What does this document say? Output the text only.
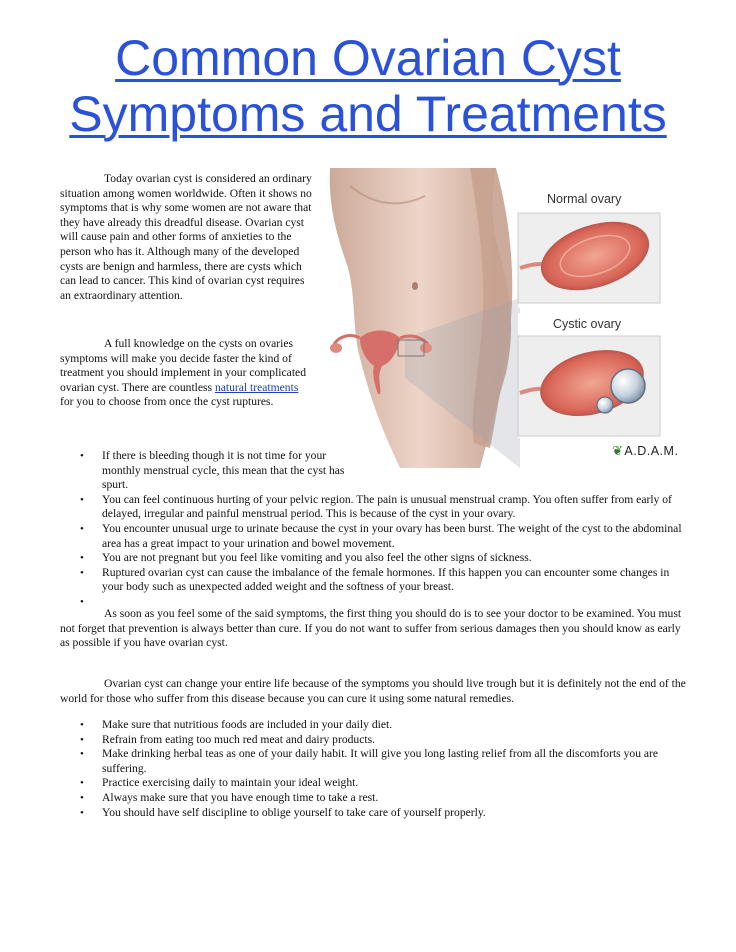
Common Ovarian Cyst Symptoms and Treatments

Today ovarian cyst is considered an ordinary situation among women worldwide. Often it shows no symptoms that is why some women are not aware that they have already this dreadful disease. Ovarian cyst will cause pain and other forms of anxieties to the person who has it. Although many of the developed cysts are benign and harmless, there are cysts which can lead to cancer. This kind of ovarian cyst requires an extraordinary attention.

A full knowledge on the cysts on ovaries symptoms will make you decide faster the kind of treatment you should implement in your complicated ovarian cyst. There are countless natural treatments for you to choose from once the cyst ruptures.

Normal ovary
Cystic ovary
❦A.D.A.M.
• If there is bleeding though it is not time for your monthly menstrual cycle, this mean that the cyst has spurt.
• You can feel continuous hurting of your pelvic region. The pain is unusual menstrual cramp. You often suffer from early of delayed, irregular and painful menstrual period. This is because of the cyst in your ovary.
• You encounter unusual urge to urinate because the cyst in your ovary has been burst. The weight of the cyst to the abdominal area has a great impact to your urination and bowel movement.
• You are not pregnant but you feel like vomiting and you also feel the other signs of sickness.
• Ruptured ovarian cyst can cause the imbalance of the female hormones. If this happen you can encounter some changes in your body such as unexpected added weight and the softness of your breast.
•

As soon as you feel some of the said symptoms, the first thing you should do is to see your doctor to be examined. You must not forget that prevention is always better than cure. If you do not want to suffer from serious damages then you should know as early as possible if you have ovarian cyst.

Ovarian cyst can change your entire life because of the symptoms you should live trough but it is definitely not the end of the world for those who suffer from this disease because you can cure it using some natural remedies.

• Make sure that nutritious foods are included in your daily diet.
• Refrain from eating too much red meat and dairy products.
• Make drinking herbal teas as one of your daily habit. It will give you long lasting relief from all the discomforts you are suffering.
• Practice exercising daily to maintain your ideal weight.
• Always make sure that you have enough time to take a rest.
• You should have self discipline to oblige yourself to take care of yourself properly.
